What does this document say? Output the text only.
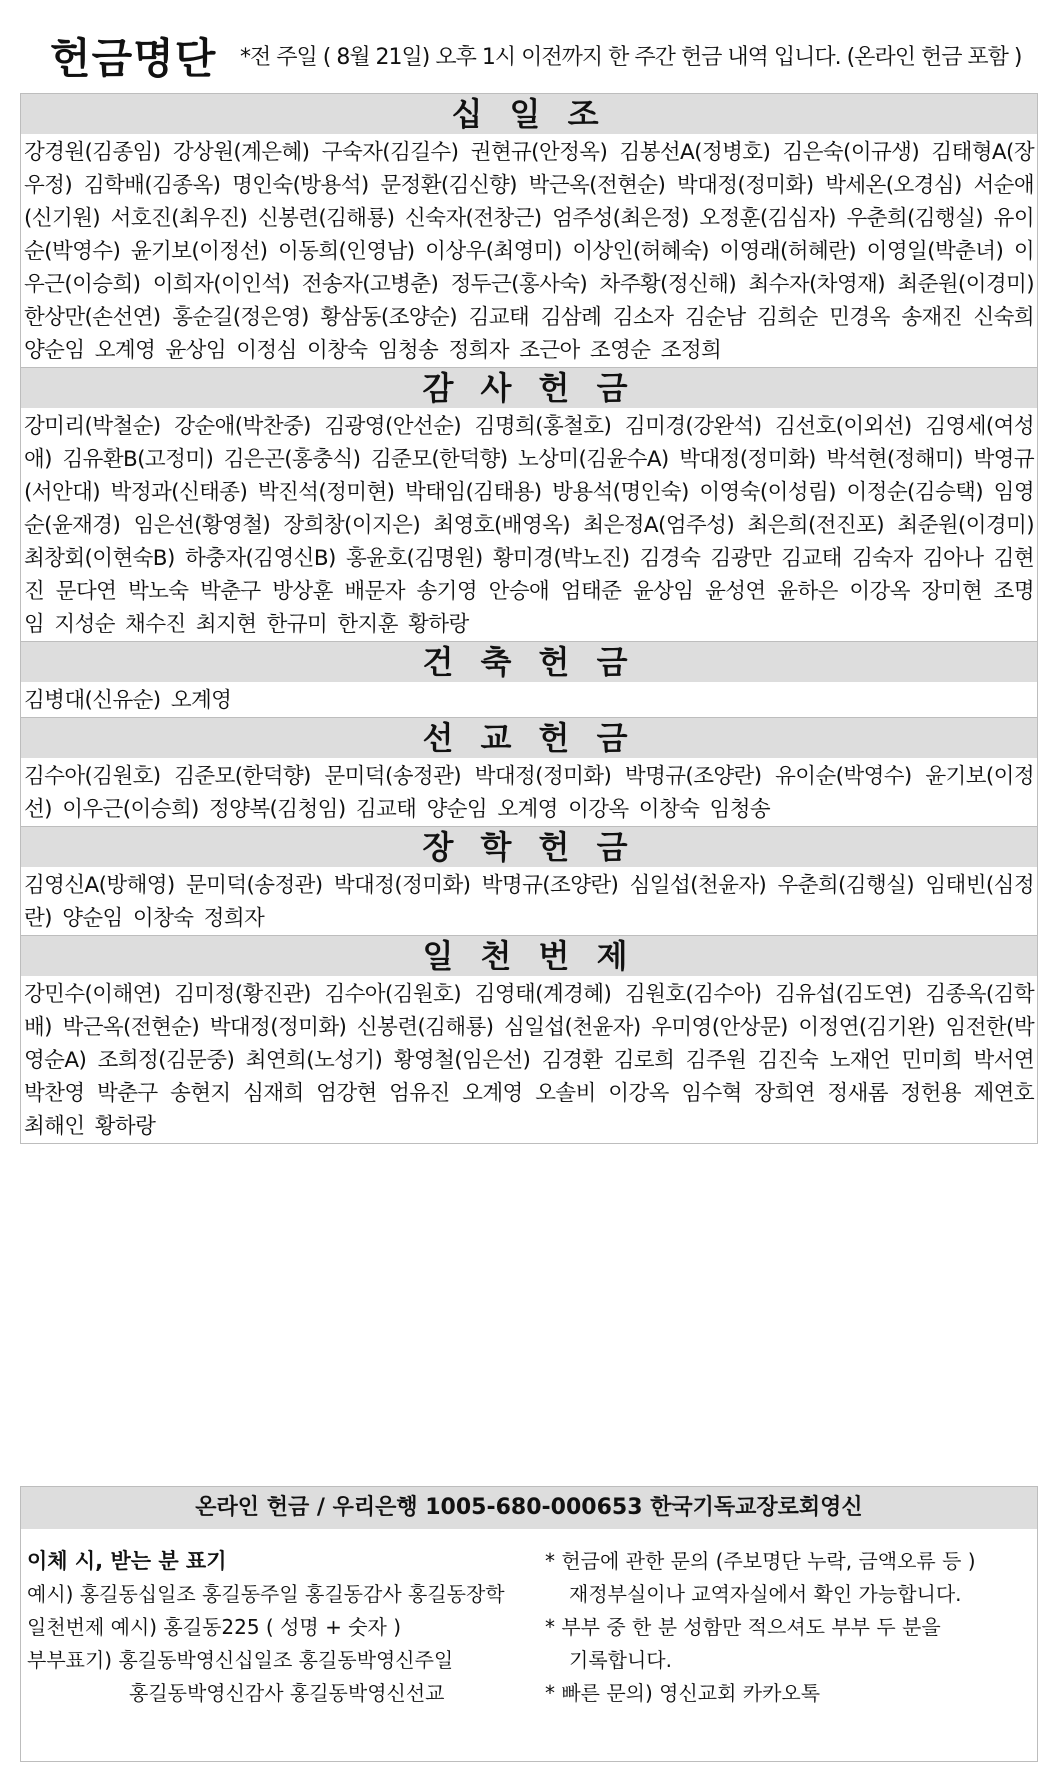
헌금명단 *전 주일 ( 8월 21일) 오후 1시 이전까지 한 주간 헌금 내역 입니다. (온라인 헌금 포함 )
십 일 조
강경원(김종임) 강상원(계은혜) 구숙자(김길수) 권현규(안정옥) 김봉선A(정병호) 김은숙(이규생) 김태형A(장우정) 김학배(김종옥) 명인숙(방용석) 문정환(김신향) 박근옥(전현순) 박대정(정미화) 박세온(오경심) 서순애(신기원) 서호진(최우진) 신봉련(김해룡) 신숙자(전창근) 엄주성(최은정) 오정훈(김심자) 우춘희(김행실) 유이순(박영수) 윤기보(이정선) 이동희(인영남) 이상우(최영미) 이상인(허혜숙) 이영래(허혜란) 이영일(박춘녀) 이우근(이승희) 이희자(이인석) 전송자(고병춘) 정두근(홍사숙) 차주황(정신해) 최수자(차영재) 최준원(이경미) 한상만(손선연) 홍순길(정은영) 황삼동(조양순) 김교태 김삼례 김소자 김순남 김희순 민경옥 송재진 신숙희 양순임 오계영 윤상임 이정심 이창숙 임청송 정희자 조근아 조영순 조정희
감 사 헌 금
강미리(박철순) 강순애(박찬중) 김광영(안선순) 김명희(홍철호) 김미경(강완석) 김선호(이외선) 김영세(여성애) 김유환B(고정미) 김은곤(홍충식) 김준모(한덕향) 노상미(김윤수A) 박대정(정미화) 박석현(정해미) 박영규(서안대) 박정과(신태종) 박진석(정미현) 박태임(김태용) 방용석(명인숙) 이영숙(이성림) 이정순(김승택) 임영순(윤재경) 임은선(황영철) 장희창(이지은) 최영호(배영옥) 최은정A(엄주성) 최은희(전진포) 최준원(이경미) 최창회(이현숙B) 하충자(김영신B) 홍윤호(김명원) 황미경(박노진) 김경숙 김광만 김교태 김숙자 김아나 김현진 문다연 박노숙 박춘구 방상훈 배문자 송기영 안승애 엄태준 윤상임 윤성연 윤하은 이강옥 장미현 조명임 지성순 채수진 최지현 한규미 한지훈 황하랑
건 축 헌 금
김병대(신유순) 오계영
선 교 헌 금
김수아(김원호) 김준모(한덕향) 문미덕(송정관) 박대정(정미화) 박명규(조양란) 유이순(박영수) 윤기보(이정선) 이우근(이승희) 정양복(김청임) 김교태 양순임 오계영 이강옥 이창숙 임청송
장 학 헌 금
김영신A(방해영) 문미덕(송정관) 박대정(정미화) 박명규(조양란) 심일섭(천윤자) 우춘희(김행실) 임태빈(심정란) 양순임 이창숙 정희자
일 천 번 제
강민수(이해연) 김미정(황진관) 김수아(김원호) 김영태(계경혜) 김원호(김수아) 김유섭(김도연) 김종옥(김학배) 박근옥(전현순) 박대정(정미화) 신봉련(김해룡) 심일섭(천윤자) 우미영(안상문) 이정연(김기완) 임전한(박영순A) 조희정(김문중) 최연희(노성기) 황영철(임은선) 김경환 김로희 김주원 김진숙 노재언 민미희 박서연 박찬영 박춘구 송현지 심재희 엄강현 엄유진 오계영 오솔비 이강옥 임수혁 장희연 정새롬 정헌용 제연호 최해인 황하랑
온라인 헌금 / 우리은행 1005-680-000653 한국기독교장로회영신
이체 시, 받는 분 표기
예시) 홍길동십일조 홍길동주일 홍길동감사 홍길동장학
일천번제 예시) 홍길동225 ( 성명 + 숫자 )
부부표기) 홍길동박영신십일조 홍길동박영신주일
홍길동박영신감사 홍길동박영신선교
* 헌금에 관한 문의 (주보명단 누락, 금액오류 등 )
재정부실이나 교역자실에서 확인 가능합니다.
* 부부 중 한 분 성함만 적으셔도 부부 두 분을
기록합니다.
* 빠른 문의) 영신교회 카카오톡
